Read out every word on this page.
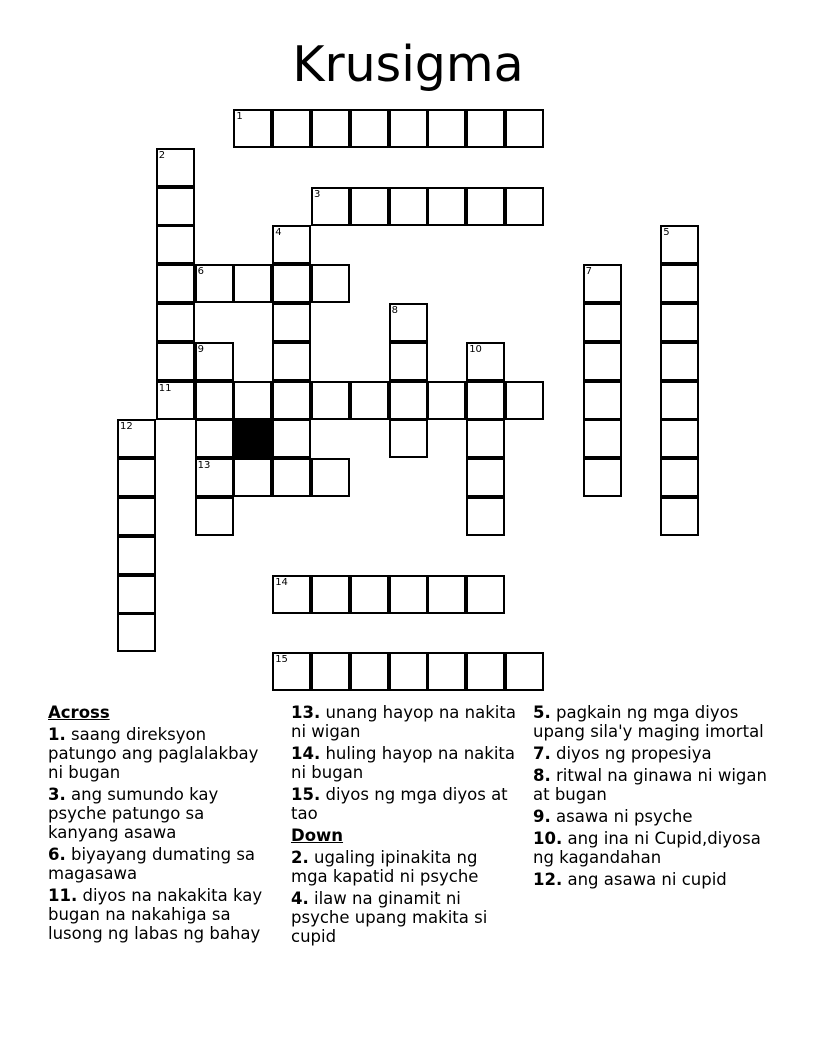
Krusigma
1
2
3
4	5
6	7
8
9	10
11
12
13
14
15
Across
1. saang direksyon patungo ang paglalakbay ni bugan
3. ang sumundo kay psyche patungo sa kanyang asawa
6. biyayang dumating sa magasawa
11. diyos na nakakita kay bugan na nakahiga sa lusong ng labas ng bahay
13. unang hayop na nakita ni wigan
14. huling hayop na nakita ni bugan
15. diyos ng mga diyos at tao
Down
2. ugaling ipinakita ng mga kapatid ni psyche
4. ilaw na ginamit ni psyche upang makita si cupid
5. pagkain ng mga diyos upang sila'y maging imortal
7. diyos ng propesiya
8. ritwal na ginawa ni wigan at bugan
9. asawa ni psyche
10. ang ina ni Cupid,diyosa ng kagandahan
12. ang asawa ni cupid
